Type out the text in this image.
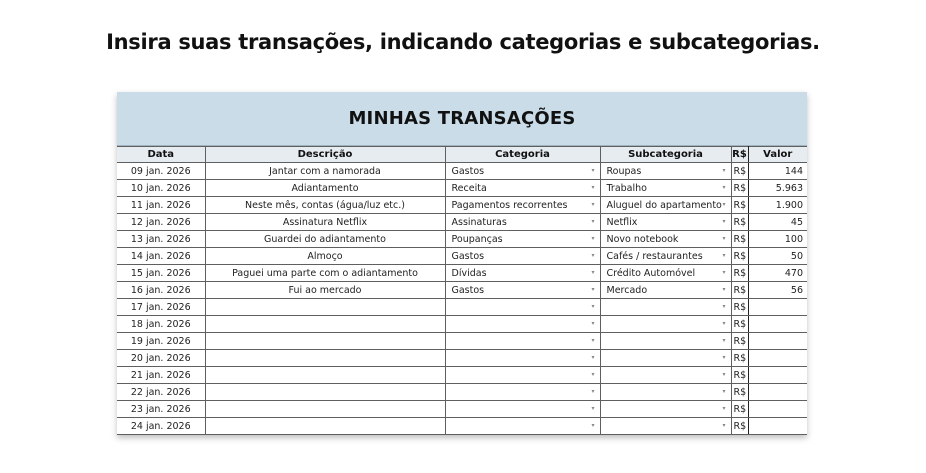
Insira suas transações, indicando categorias e subcategorias.
MINHAS TRANSAÇÕES
Data	Descrição	Categoria	Subcategoria	R$	Valor
09 jan. 2026	Jantar com a namorada	Gastos ▾	Roupas ▾	R$	144
10 jan. 2026	Adiantamento	Receita ▾	Trabalho ▾	R$	5.963
11 jan. 2026	Neste mês, contas (água/luz etc.)	Pagamentos recorrentes ▾	Aluguel do apartamento ▾	R$	1.900
12 jan. 2026	Assinatura Netflix	Assinaturas ▾	Netflix ▾	R$	45
13 jan. 2026	Guardei do adiantamento	Poupanças ▾	Novo notebook ▾	R$	100
14 jan. 2026	Almoço	Gastos ▾	Cafés / restaurantes ▾	R$	50
15 jan. 2026	Paguei uma parte com o adiantamento	Dívidas ▾	Crédito Automóvel ▾	R$	470
16 jan. 2026	Fui ao mercado	Gastos ▾	Mercado ▾	R$	56
17 jan. 2026		▾	▾	R$	
18 jan. 2026		▾	▾	R$	
19 jan. 2026		▾	▾	R$	
20 jan. 2026		▾	▾	R$	
21 jan. 2026		▾	▾	R$	
22 jan. 2026		▾	▾	R$	
23 jan. 2026		▾	▾	R$	
24 jan. 2026		▾	▾	R$	
